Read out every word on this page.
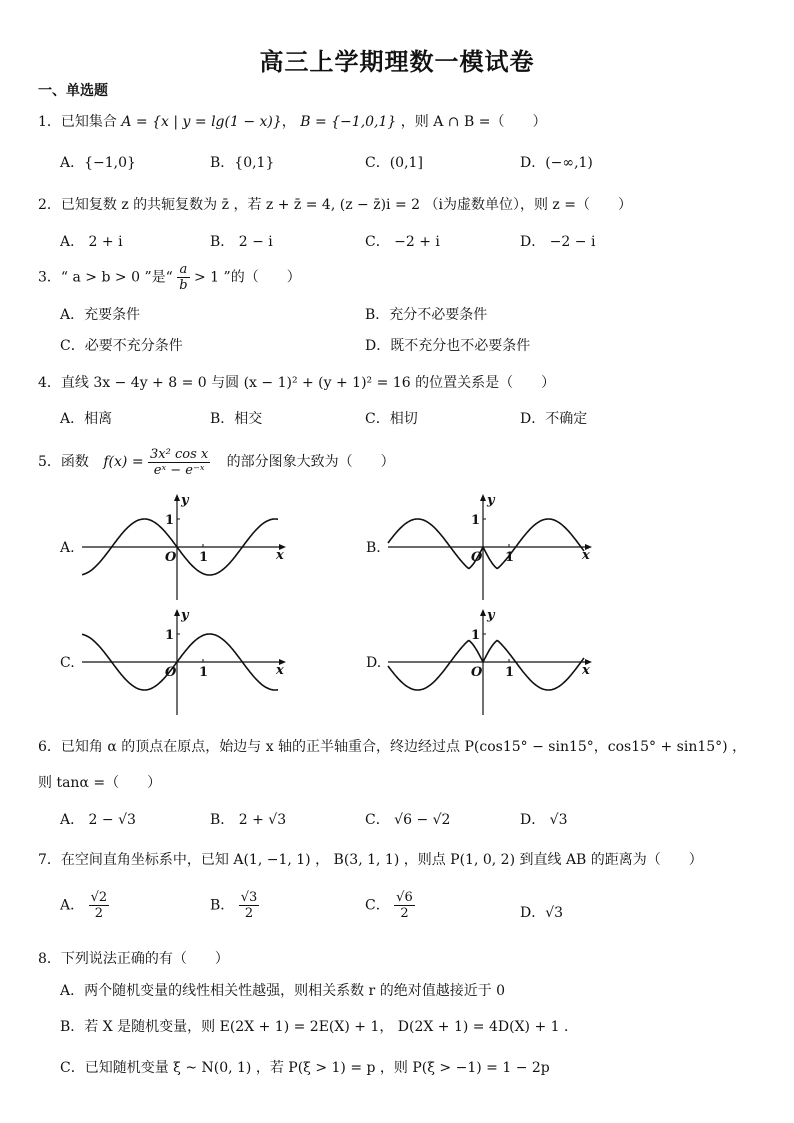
高三上学期理数一模试卷
一、单选题
1．已知集合 A = {x | y = lg(1 − x)}， B = {−1,0,1} ，则 A ∩ B =（　　）
A．{−1,0}	B．{0,1}	C．(0,1]	D．(−∞,1)
2．已知复数 z 的共轭复数为 z̄ ，若 z + z̄ = 4, (z − z̄)i = 2 （i为虚数单位），则 z =（　　）
A． 2 + i	B． 2 − i	C． −2 + i	D． −2 − i
3．“ a > b > 0 ”是“ $\frac{a}{b} > 1$ ”的（　　）
A．充要条件	B．充分不必要条件
C．必要不充分条件	D．既不充分也不必要条件
4．直线 3x − 4y + 8 = 0 与圆 (x − 1)² + (y + 1)² = 16 的位置关系是（　　）
A．相离	B．相交	C．相切	D．不确定
5．函数 $f(x) = \frac{\text{3x² cos x}}{\text{eˣ − e⁻ˣ}}$ 的部分图象大致为（　　）
A.	B.
C.	D.
x
y
O 1
1
x
y
O 1
1
x
y
O 1
1
x
y
O 1
1
6．已知角 α 的顶点在原点，始边与 x 轴的正半轴重合，终边经过点 P(cos15° − sin15°，cos15° + sin15°) ，
则 tanα =（　　）
A． 2 − √3	B． 2 + √3	C． √6 − √2	D． √3
7．在空间直角坐标系中，已知 A(1, −1, 1) ， B(3, 1, 1) ，则点 P(1, 0, 2) 到直线 AB 的距离为（　　）
A． $\frac{√2}{2}$	B． $\frac{√3}{2}$	C． $\frac{√6}{2}$	D．√3
8．下列说法正确的有（　　）
A．两个随机变量的线性相关性越强，则相关系数 r 的绝对值越接近于 0
B．若 X 是随机变量，则 E(2X + 1) = 2E(X) + 1， D(2X + 1) = 4D(X) + 1 ．
C．已知随机变量 ξ ~ N(0, 1) ，若 P(ξ > 1) = p ，则 P(ξ > −1) = 1 − 2p
